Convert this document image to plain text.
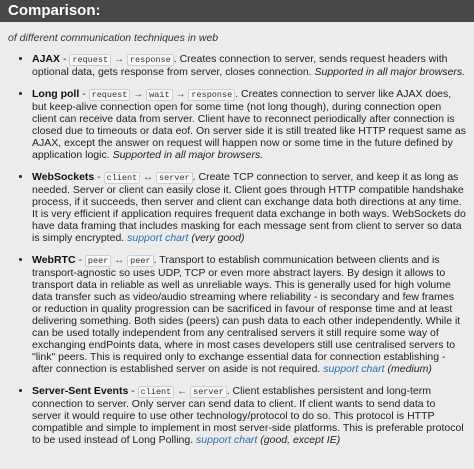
Comparison:
of different communication techniques in web
• AJAX - request → response . Creates connection to server, sends request headers with optional data, gets response from server, closes connection. Supported in all major browsers.
• Long poll - request → wait → response . Creates connection to server like AJAX does, but keep-alive connection open for some time (not long though), during connection open client can receive data from server. Client have to reconnect periodically after connection is closed due to timeouts or data eof. On server side it is still treated like HTTP request same as AJAX, except the answer on request will happen now or some time in the future defined by application logic. Supported in all major browsers.
• WebSockets - client ↔ server . Create TCP connection to server, and keep it as long as needed. Server or client can easily close it. Client goes through HTTP compatible handshake process, if it succeeds, then server and client can exchange data both directions at any time. It is very efficient if application requires frequent data exchange in both ways. WebSockets do have data framing that includes masking for each message sent from client to server so data is simply encrypted. support chart (very good)
• WebRTC - peer ↔ peer . Transport to establish communication between clients and is transport-agnostic so uses UDP, TCP or even more abstract layers. By design it allows to transport data in reliable as well as unreliable ways. This is generally used for high volume data transfer such as video/audio streaming where reliability - is secondary and few frames or reduction in quality progression can be sacrificed in favour of response time and at least delivering something. Both sides (peers) can push data to each other independently. While it can be used totally independent from any centralised servers it still require some way of exchanging endPoints data, where in most cases developers still use centralised servers to "link" peers. This is required only to exchange essential data for connection establishing - after connection is established server on aside is not required. support chart (medium)
• Server-Sent Events - client ← server . Client establishes persistent and long-term connection to server. Only server can send data to client. If client wants to send data to server it would require to use other technology/protocol to do so. This protocol is HTTP compatible and simple to implement in most server-side platforms. This is preferable protocol to be used instead of Long Polling. support chart (good, except IE)
